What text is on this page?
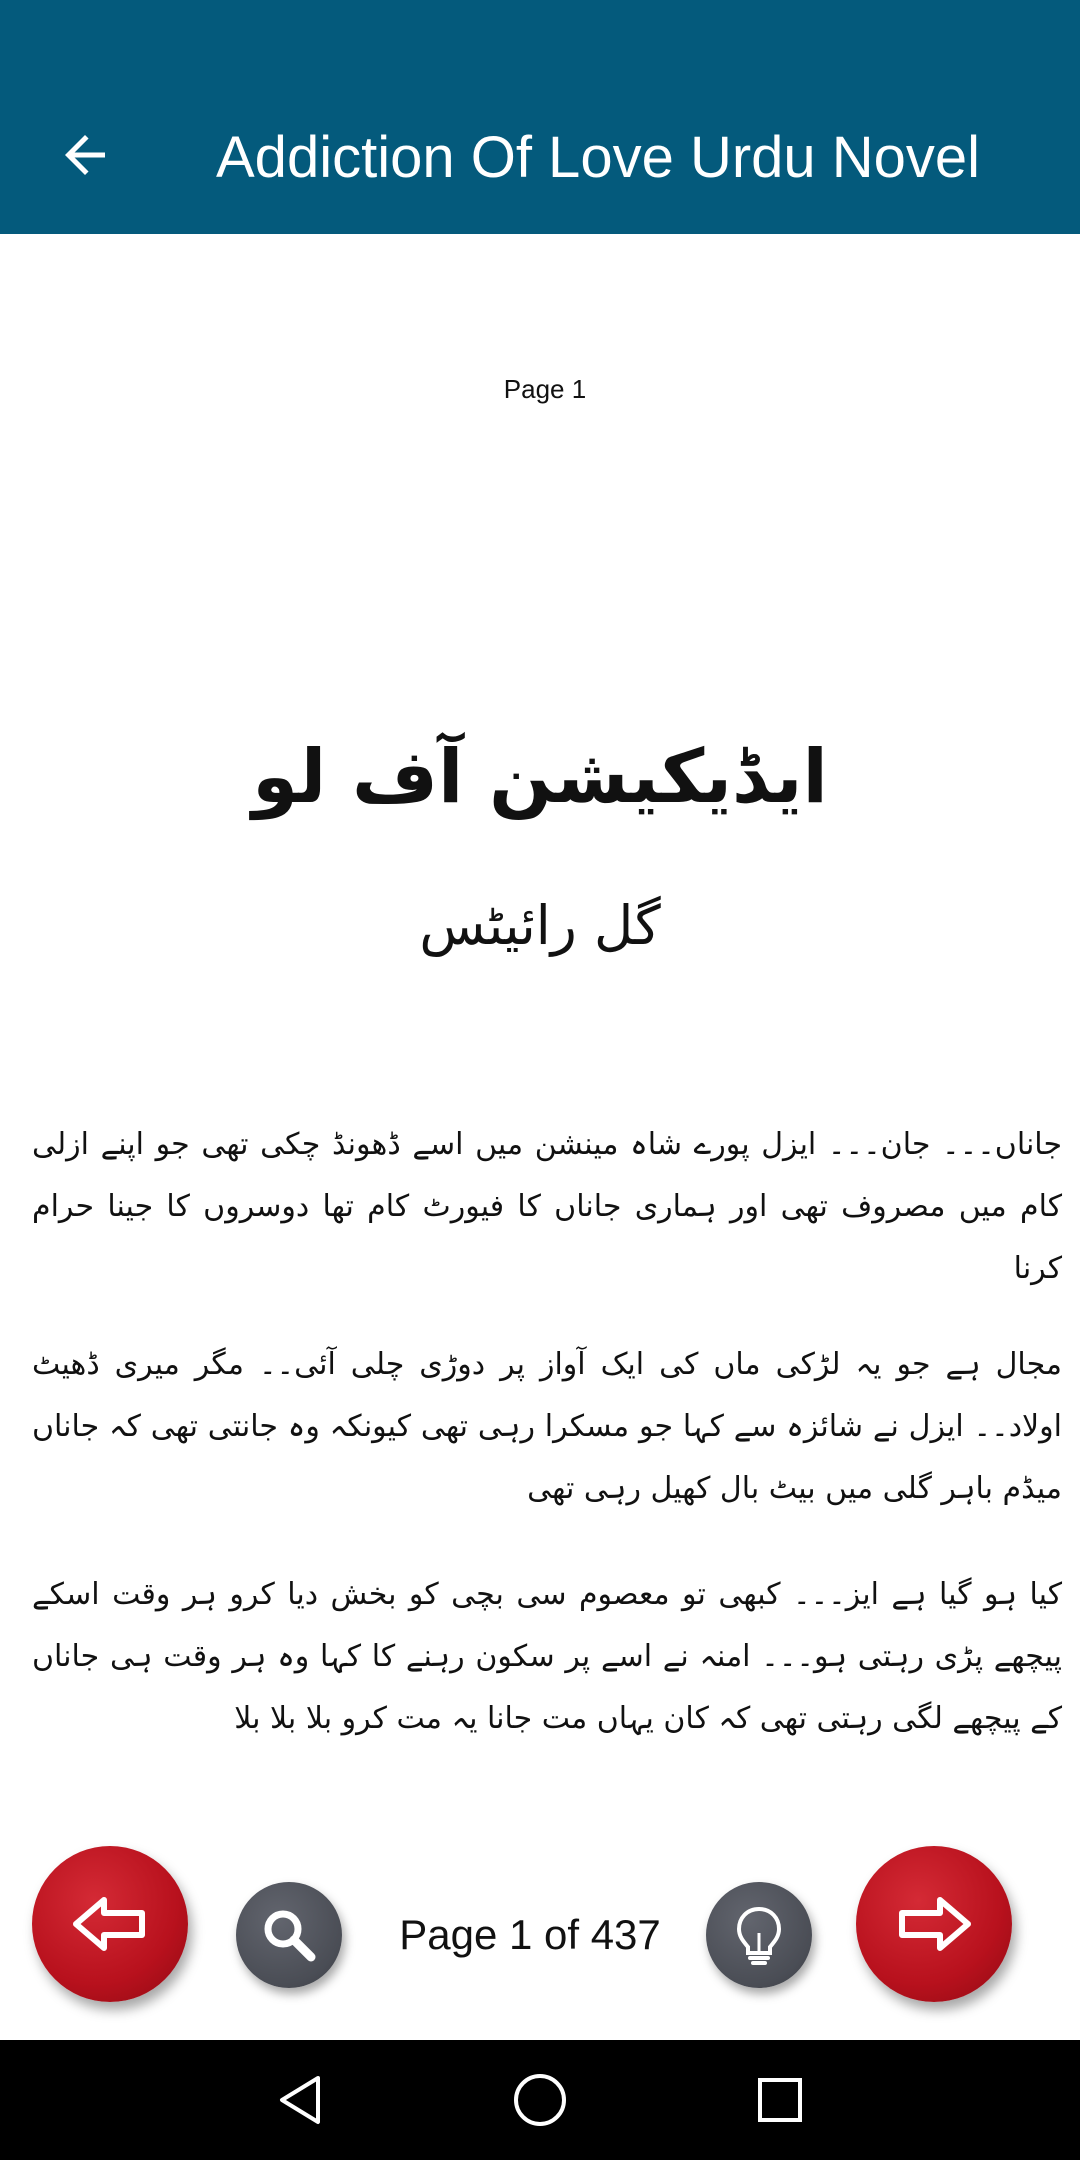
Addiction Of Love Urdu Novel
Page 1
ایڈیکیشن آف لو
گل رائیٹس
جاناں۔۔۔ جان۔۔۔ ایزل پورے شاہ مینشن میں اسے ڈھونڈ چکی تھی جو اپنے ازلی کام میں مصروف تھی اور ہماری جاناں کا فیورٹ کام تھا دوسروں کا جینا حرام کرنا
مجال ہے جو یہ لڑکی ماں کی ایک آواز پر دوڑی چلی آئی۔۔ مگر میری ڈھیٹ اولاد۔۔ ایزل نے شائزہ سے کہا جو مسکرا رہی تھی کیونکہ وہ جانتی تھی کہ جاناں میڈم باہر گلی میں بیٹ بال کھیل رہی تھی
کیا ہو گیا ہے ایز۔۔۔ کبھی تو معصوم سی بچی کو بخش دیا کرو ہر وقت اسکے پیچھے پڑی رہتی ہو۔۔۔ امنہ نے اسے پر سکون رہنے کا کہا وہ ہر وقت ہی جاناں کے پیچھے لگی رہتی تھی کہ کان یہاں مت جانا یہ مت کرو بلا بلا بلا
Page 1 of 437
